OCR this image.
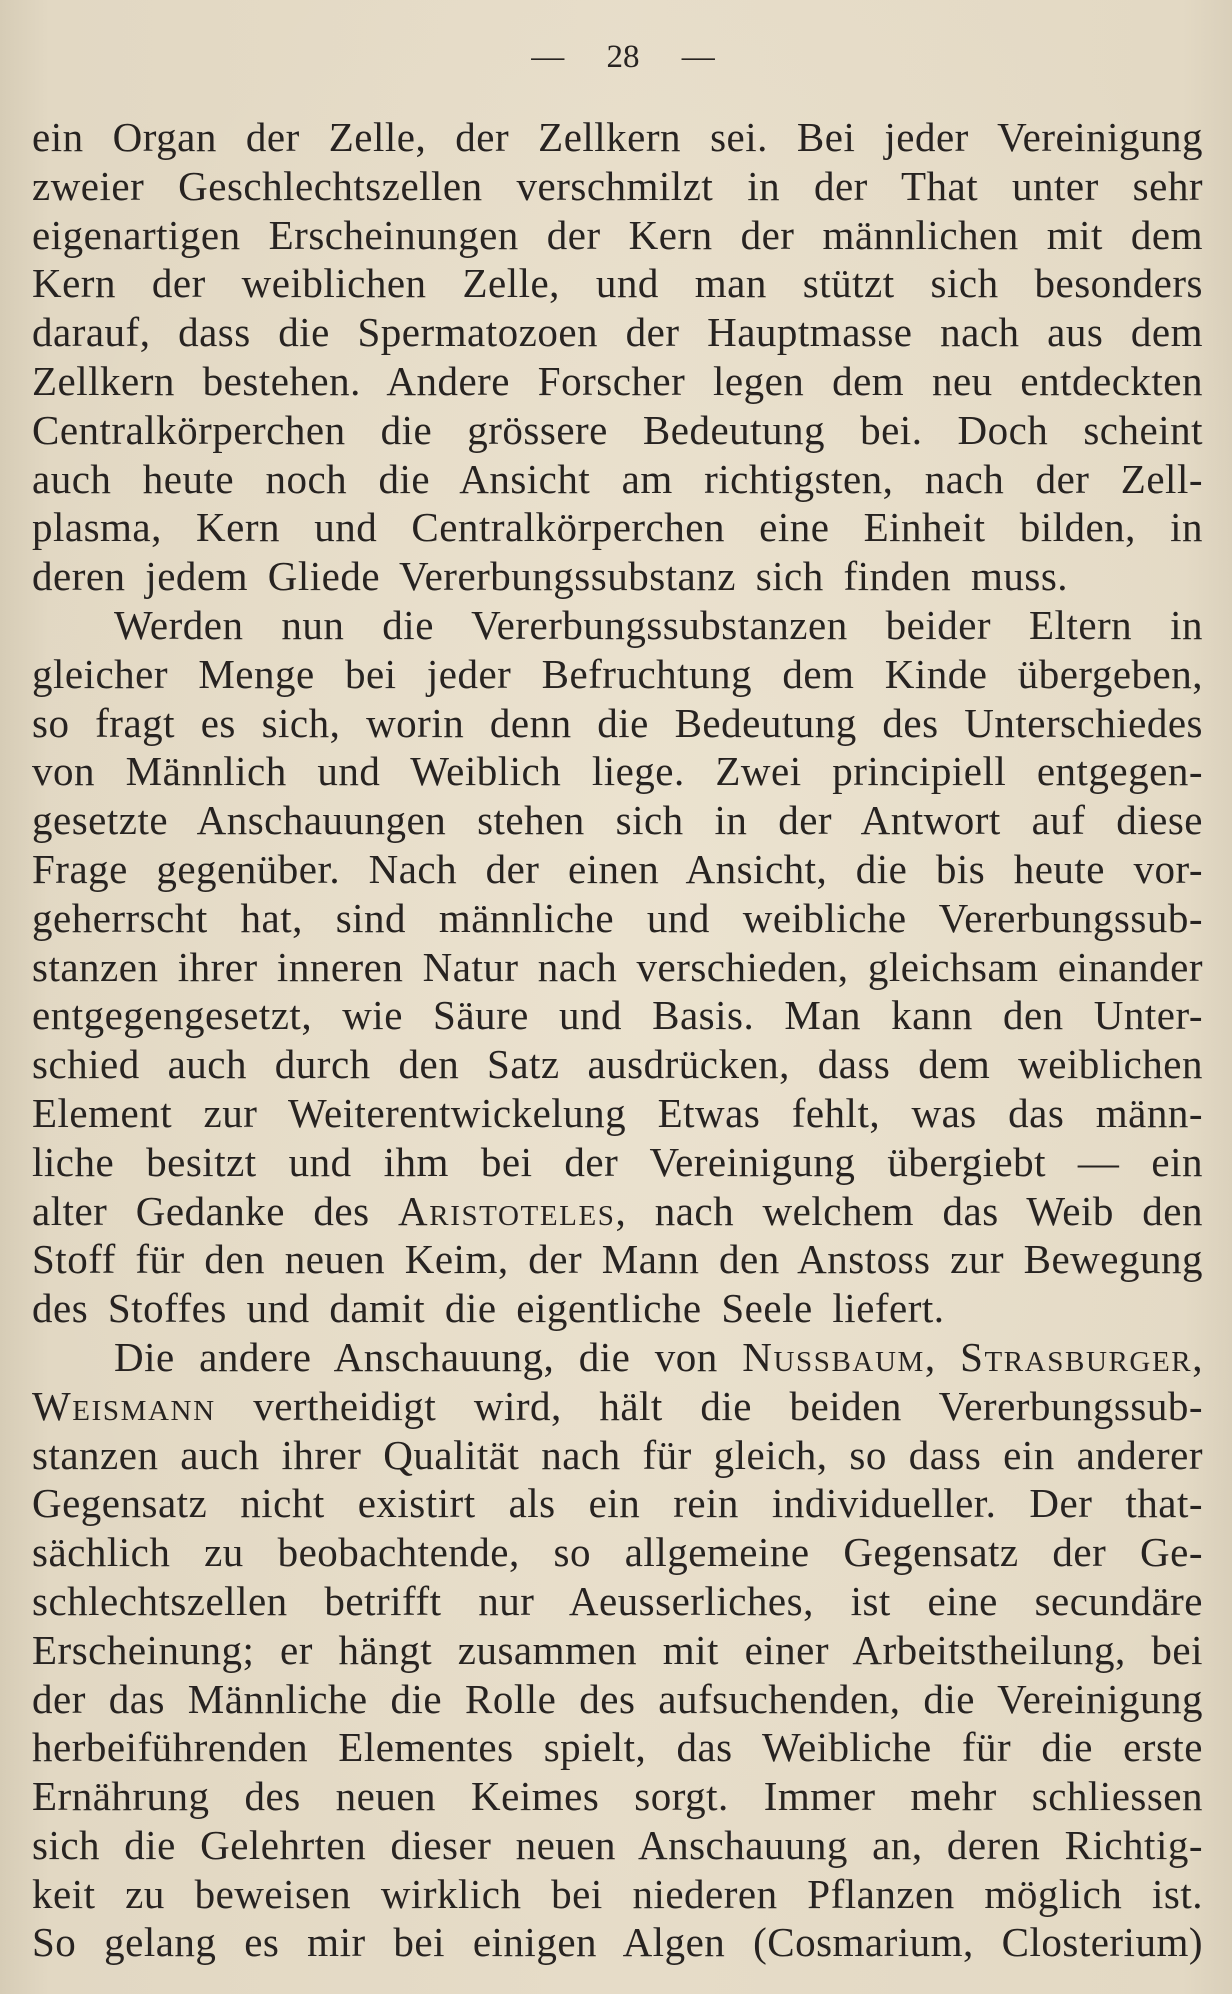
— 28 —
ein Organ der Zelle, der Zellkern sei. Bei jeder Vereinigung
zweier Geschlechtszellen verschmilzt in der That unter sehr
eigenartigen Erscheinungen der Kern der männlichen mit dem
Kern der weiblichen Zelle, und man stützt sich besonders
darauf, dass die Spermatozoen der Hauptmasse nach aus dem
Zellkern bestehen. Andere Forscher legen dem neu entdeckten
Centralkörperchen die grössere Bedeutung bei. Doch scheint
auch heute noch die Ansicht am richtigsten, nach der Zell-
plasma, Kern und Centralkörperchen eine Einheit bilden, in
deren jedem Gliede Vererbungssubstanz sich finden muss.
Werden nun die Vererbungssubstanzen beider Eltern in
gleicher Menge bei jeder Befruchtung dem Kinde übergeben,
so fragt es sich, worin denn die Bedeutung des Unterschiedes
von Männlich und Weiblich liege. Zwei principiell entgegen-
gesetzte Anschauungen stehen sich in der Antwort auf diese
Frage gegenüber. Nach der einen Ansicht, die bis heute vor-
geherrscht hat, sind männliche und weibliche Vererbungssub-
stanzen ihrer inneren Natur nach verschieden, gleichsam einander
entgegengesetzt, wie Säure und Basis. Man kann den Unter-
schied auch durch den Satz ausdrücken, dass dem weiblichen
Element zur Weiterentwickelung Etwas fehlt, was das männ-
liche besitzt und ihm bei der Vereinigung übergiebt — ein
alter Gedanke des Aristoteles, nach welchem das Weib den
Stoff für den neuen Keim, der Mann den Anstoss zur Bewegung
des Stoffes und damit die eigentliche Seele liefert.
Die andere Anschauung, die von Nussbaum, Strasburger,
Weismann vertheidigt wird, hält die beiden Vererbungssub-
stanzen auch ihrer Qualität nach für gleich, so dass ein anderer
Gegensatz nicht existirt als ein rein individueller. Der that-
sächlich zu beobachtende, so allgemeine Gegensatz der Ge-
schlechtszellen betrifft nur Aeusserliches, ist eine secundäre
Erscheinung; er hängt zusammen mit einer Arbeitstheilung, bei
der das Männliche die Rolle des aufsuchenden, die Vereinigung
herbeiführenden Elementes spielt, das Weibliche für die erste
Ernährung des neuen Keimes sorgt. Immer mehr schliessen
sich die Gelehrten dieser neuen Anschauung an, deren Richtig-
keit zu beweisen wirklich bei niederen Pflanzen möglich ist.
So gelang es mir bei einigen Algen (Cosmarium, Closterium)
